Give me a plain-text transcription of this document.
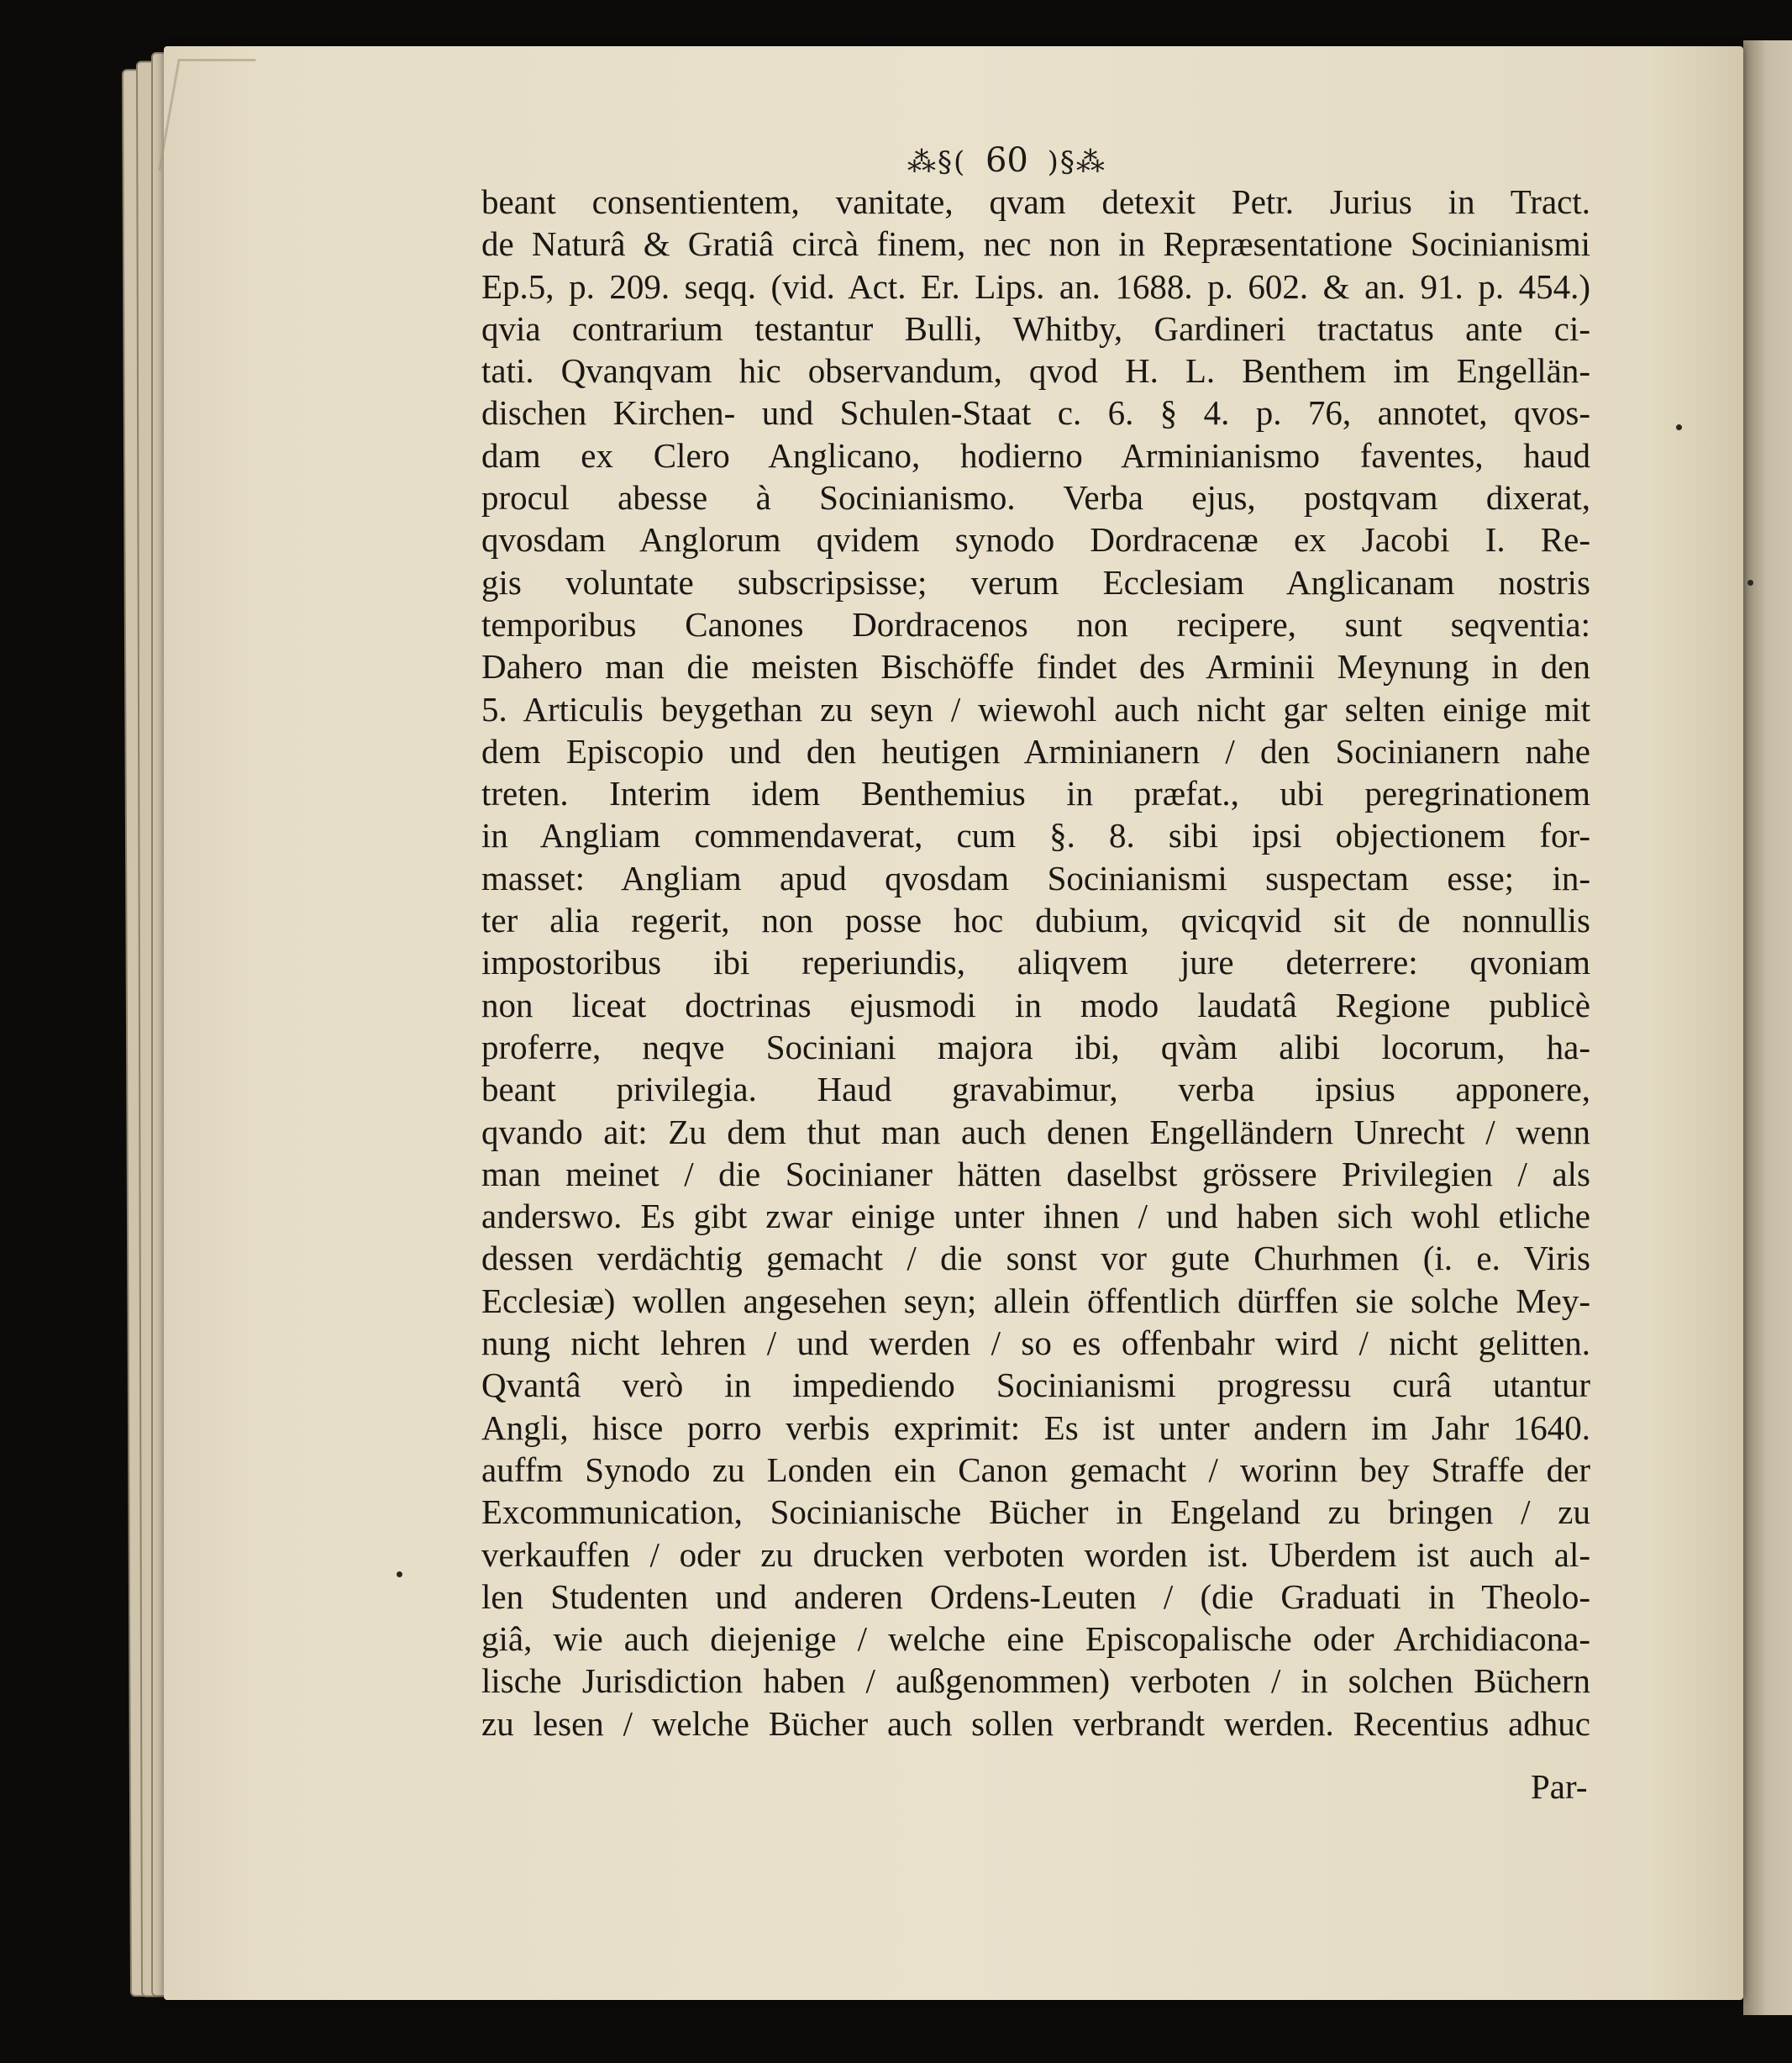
⁂§( 60 )§⁂
beant consentientem, vanitate, qvam detexit Petr. Jurius in Tract.
de Naturâ & Gratiâ circà finem, nec non in Repræsentatione Socinianismi
Ep.5, p. 209. seqq. (vid. Act. Er. Lips. an. 1688. p. 602. & an. 91. p. 454.)
qvia contrarium testantur Bulli, Whitby, Gardineri tractatus ante ci-
tati. Qvanqvam hic observandum, qvod H. L. Benthem im Engellän-
dischen Kirchen- und Schulen-Staat c. 6. § 4. p. 76, annotet, qvos-
dam ex Clero Anglicano, hodierno Arminianismo faventes, haud
procul abesse à Socinianismo. Verba ejus, postqvam dixerat,
qvosdam Anglorum qvidem synodo Dordracenæ ex Jacobi I. Re-
gis voluntate subscripsisse; verum Ecclesiam Anglicanam nostris
temporibus Canones Dordracenos non recipere, sunt seqventia:
Dahero man die meisten Bischöffe findet des Arminii Meynung in den
5. Articulis beygethan zu seyn / wiewohl auch nicht gar selten einige mit
dem Episcopio und den heutigen Arminianern / den Socinianern nahe
treten. Interim idem Benthemius in præfat., ubi peregrinationem
in Angliam commendaverat, cum §. 8. sibi ipsi objectionem for-
masset: Angliam apud qvosdam Socinianismi suspectam esse; in-
ter alia regerit, non posse hoc dubium, qvicqvid sit de nonnullis
impostoribus ibi reperiundis, aliqvem jure deterrere: qvoniam
non liceat doctrinas ejusmodi in modo laudatâ Regione publicè
proferre, neqve Sociniani majora ibi, qvàm alibi locorum, ha-
beant privilegia. Haud gravabimur, verba ipsius apponere,
qvando ait: Zu dem thut man auch denen Engelländern Unrecht / wenn
man meinet / die Socinianer hätten daselbst grössere Privilegien / als
anderswo. Es gibt zwar einige unter ihnen / und haben sich wohl etliche
dessen verdächtig gemacht / die sonst vor gute Churhmen (i. e. Viris
Ecclesiæ) wollen angesehen seyn; allein öffentlich dürffen sie solche Mey-
nung nicht lehren / und werden / so es offenbahr wird / nicht gelitten.
Qvantâ verò in impediendo Socinianismi progressu curâ utantur
Angli, hisce porro verbis exprimit: Es ist unter andern im Jahr 1640.
auffm Synodo zu Londen ein Canon gemacht / worinn bey Straffe der
Excommunication, Socinianische Bücher in Engeland zu bringen / zu
verkauffen / oder zu drucken verboten worden ist. Uberdem ist auch al-
len Studenten und anderen Ordens-Leuten / (die Graduati in Theolo-
giâ, wie auch diejenige / welche eine Episcopalische oder Archidiacona-
lische Jurisdiction haben / außgenommen) verboten / in solchen Büchern
zu lesen / welche Bücher auch sollen verbrandt werden. Recentius adhuc
Par-
